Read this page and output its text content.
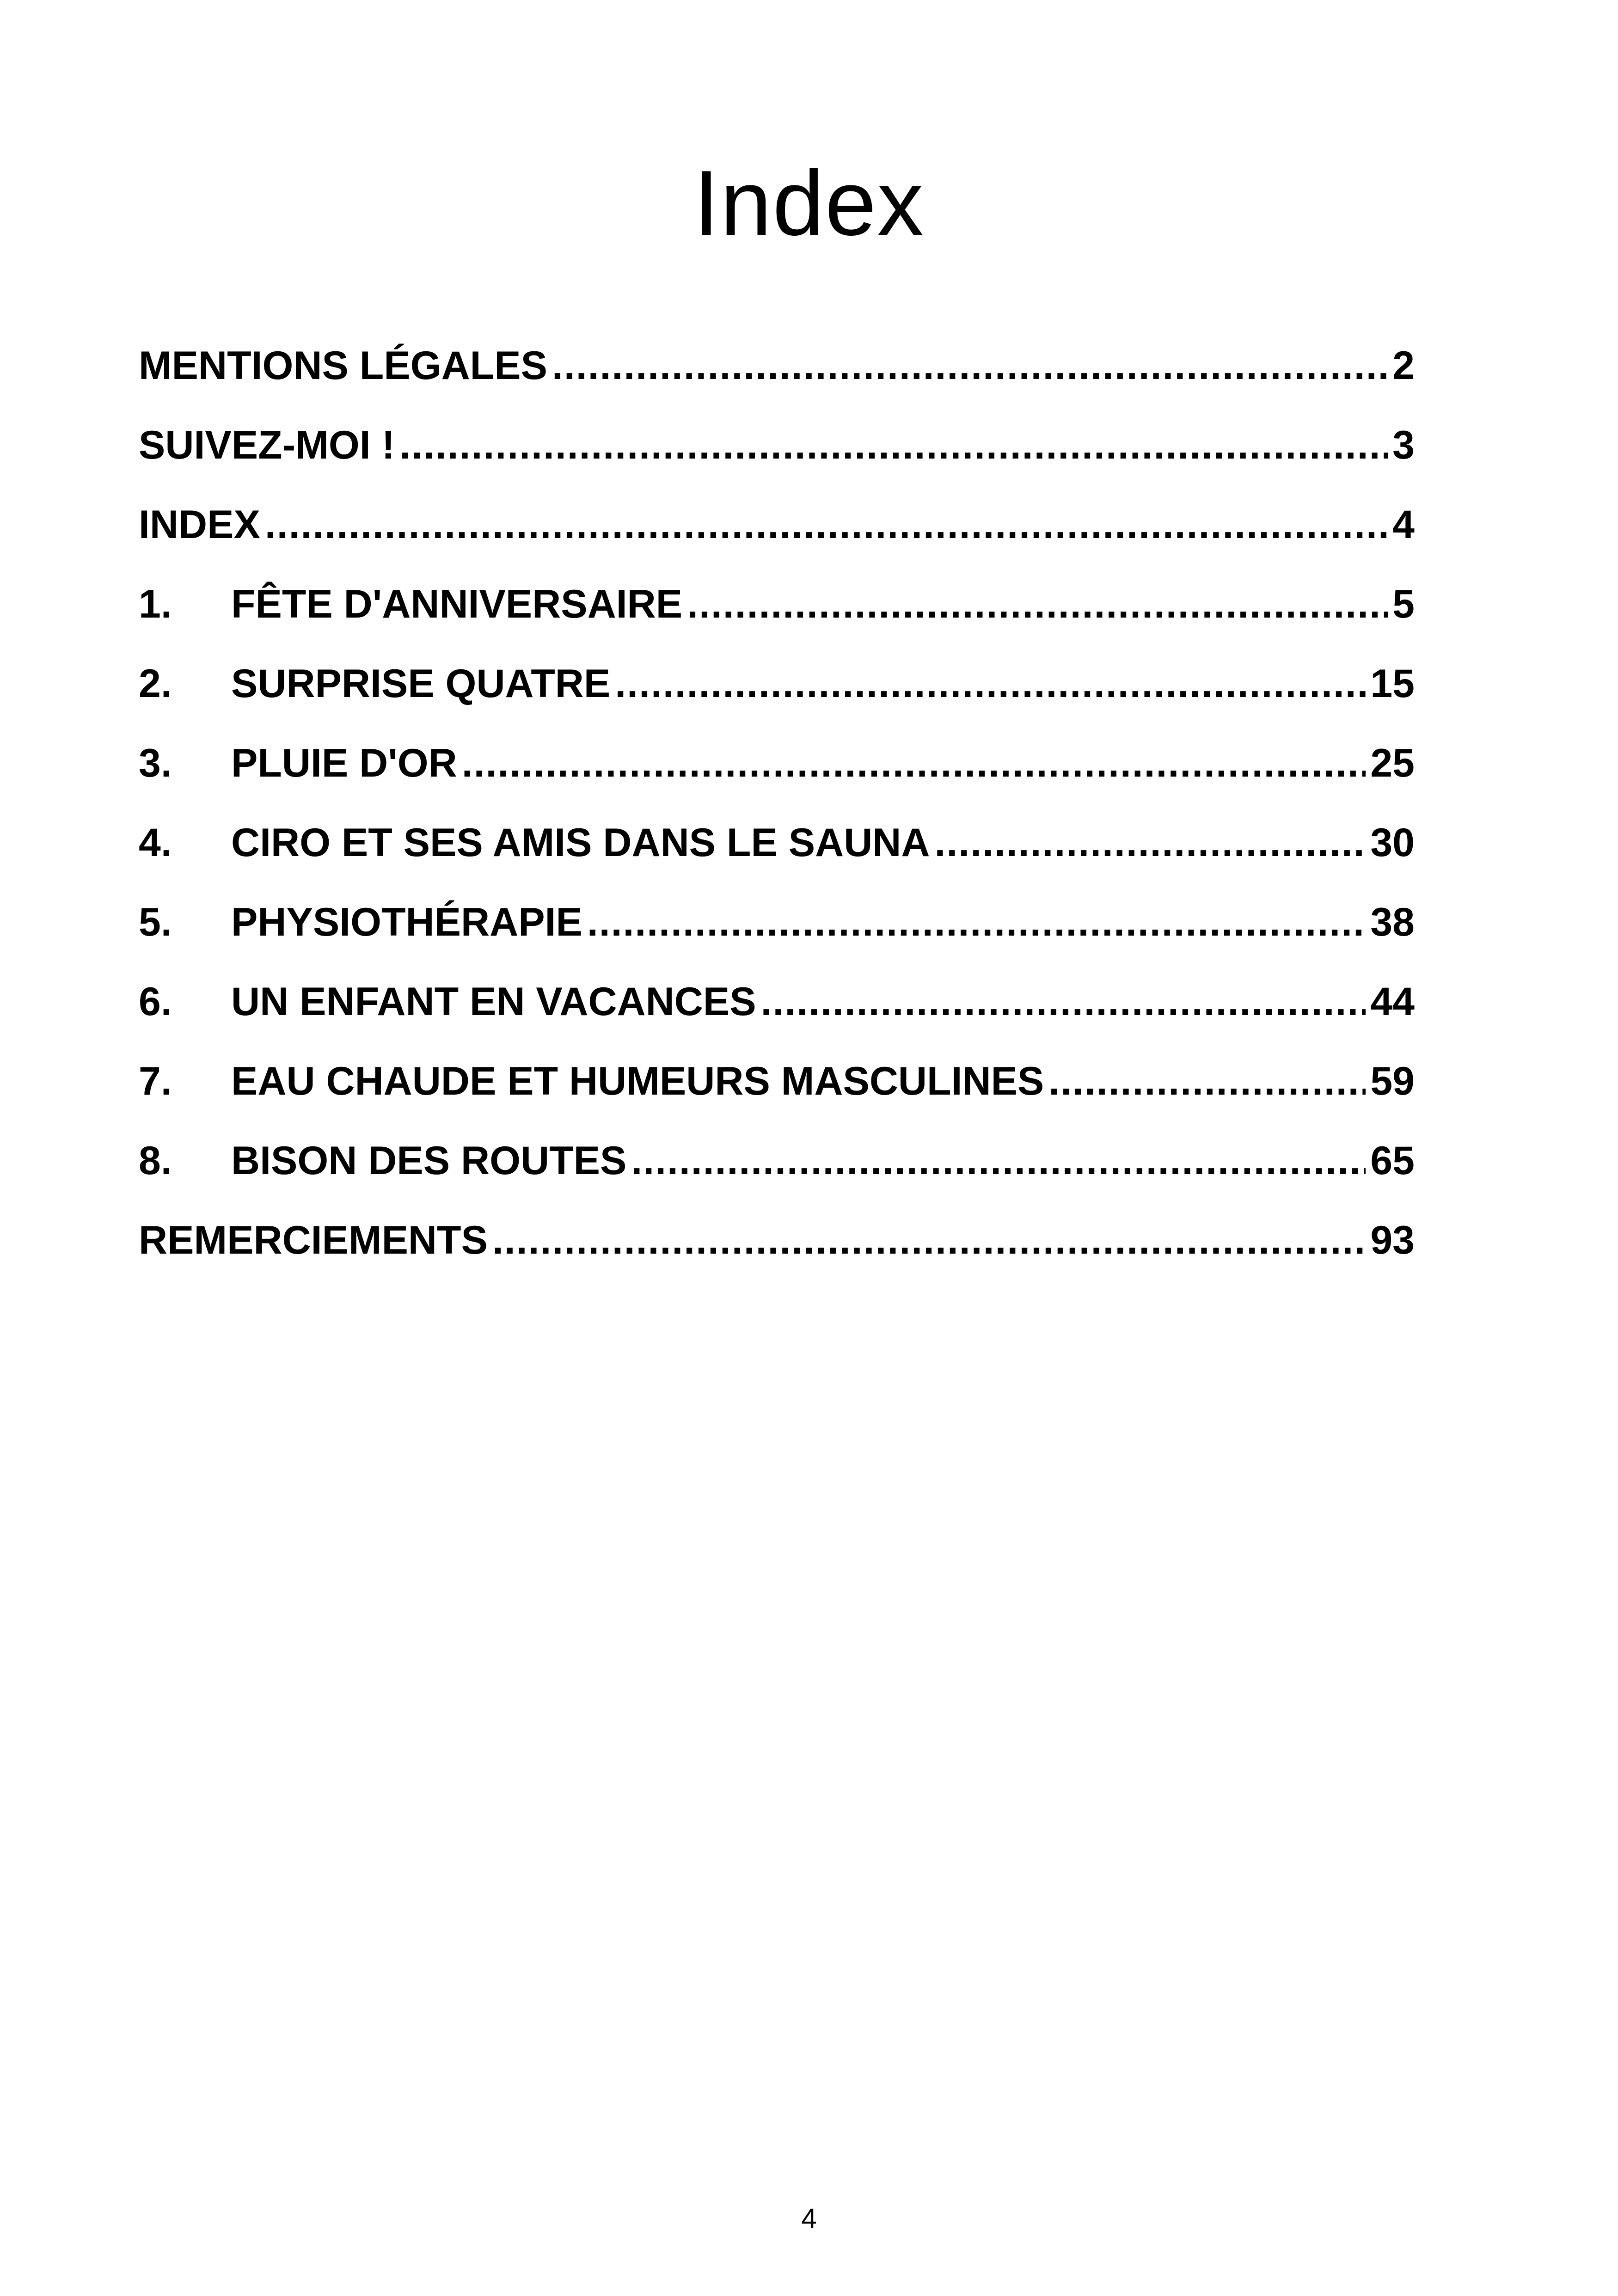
Index
MENTIONS LÉGALES .....	2
SUIVEZ-MOI ! .....	3
INDEX .....	4
1.	FÊTE D'ANNIVERSAIRE .....	5
2.	SURPRISE QUATRE .....	15
3.	PLUIE D'OR .....	25
4.	CIRO ET SES AMIS DANS LE SAUNA .....	30
5.	PHYSIOTHÉRAPIE .....	38
6.	UN ENFANT EN VACANCES .....	44
7.	EAU CHAUDE ET HUMEURS MASCULINES .....	59
8.	BISON DES ROUTES .....	65
REMERCIEMENTS .....	93
4
